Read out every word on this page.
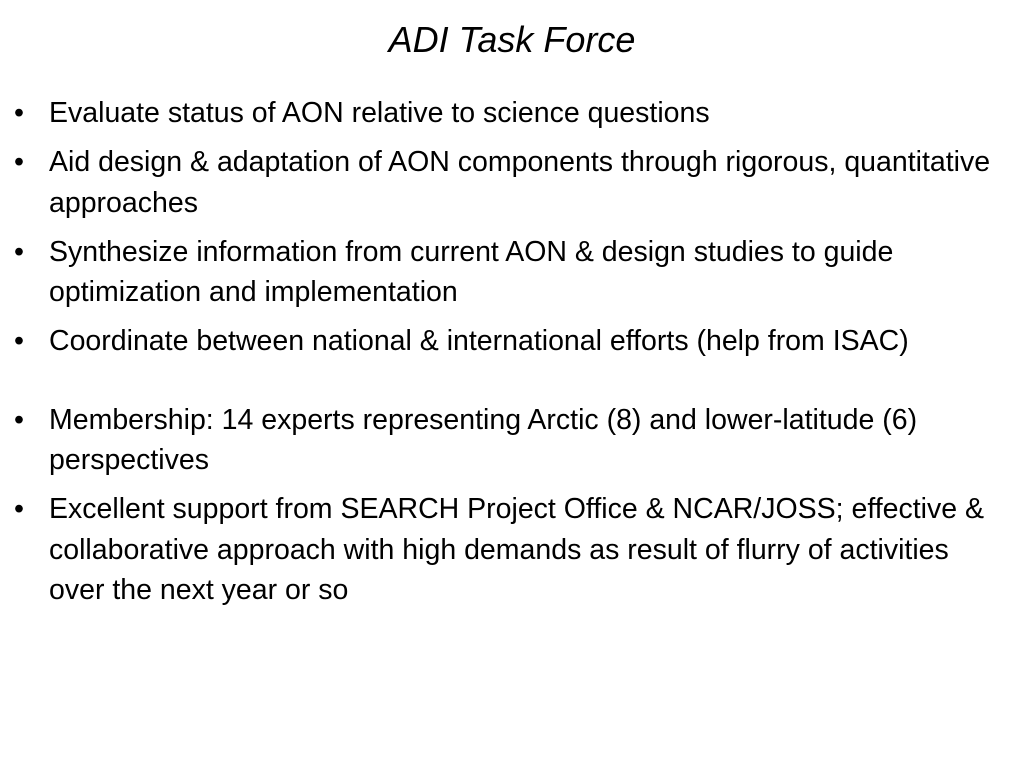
ADI Task Force
• Evaluate status of AON relative to science questions
• Aid design & adaptation of AON components through rigorous, quantitative approaches
• Synthesize information from current AON & design studies to guide optimization and implementation
• Coordinate between national & international efforts (help from ISAC)
• Membership: 14 experts representing Arctic (8) and lower-latitude (6) perspectives
• Excellent support from SEARCH Project Office & NCAR/JOSS; effective & collaborative approach with high demands as result of flurry of activities over the next year or so
